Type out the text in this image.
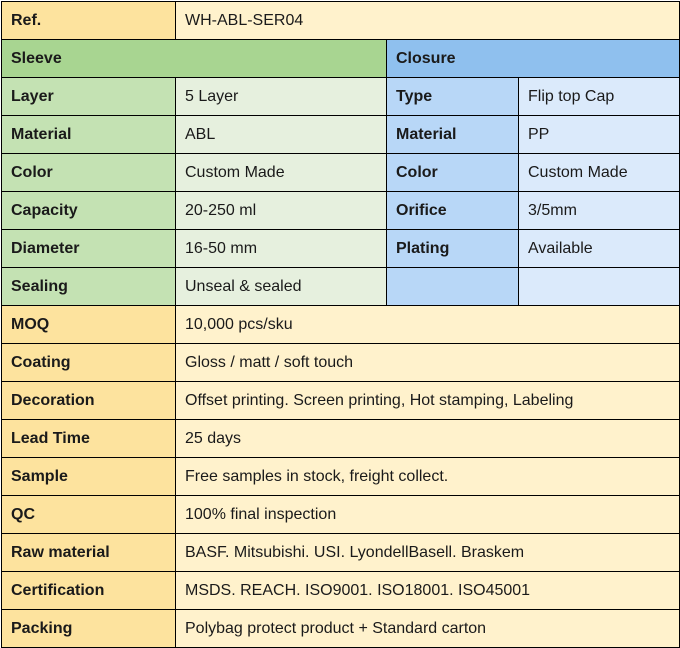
Ref.	WH-ABL-SER04		
Sleeve		Closure	
Layer	5 Layer	Type	Flip top Cap
Material	ABL	Material	PP
Color	Custom Made	Color	Custom Made
Capacity	20-250 ml	Orifice	3/5mm
Diameter	16-50 mm	Plating	Available
Sealing	Unseal & sealed		
MOQ	10,000 pcs/sku		
Coating	Gloss / matt / soft touch		
Decoration	Offset printing. Screen printing, Hot stamping, Labeling		
Lead Time	25 days		
Sample	Free samples in stock, freight collect.		
QC	100% final inspection		
Raw material	BASF. Mitsubishi. USI. LyondellBasell. Braskem		
Certification	MSDS. REACH. ISO9001. ISO18001. ISO45001		
Packing	Polybag protect product + Standard carton		
